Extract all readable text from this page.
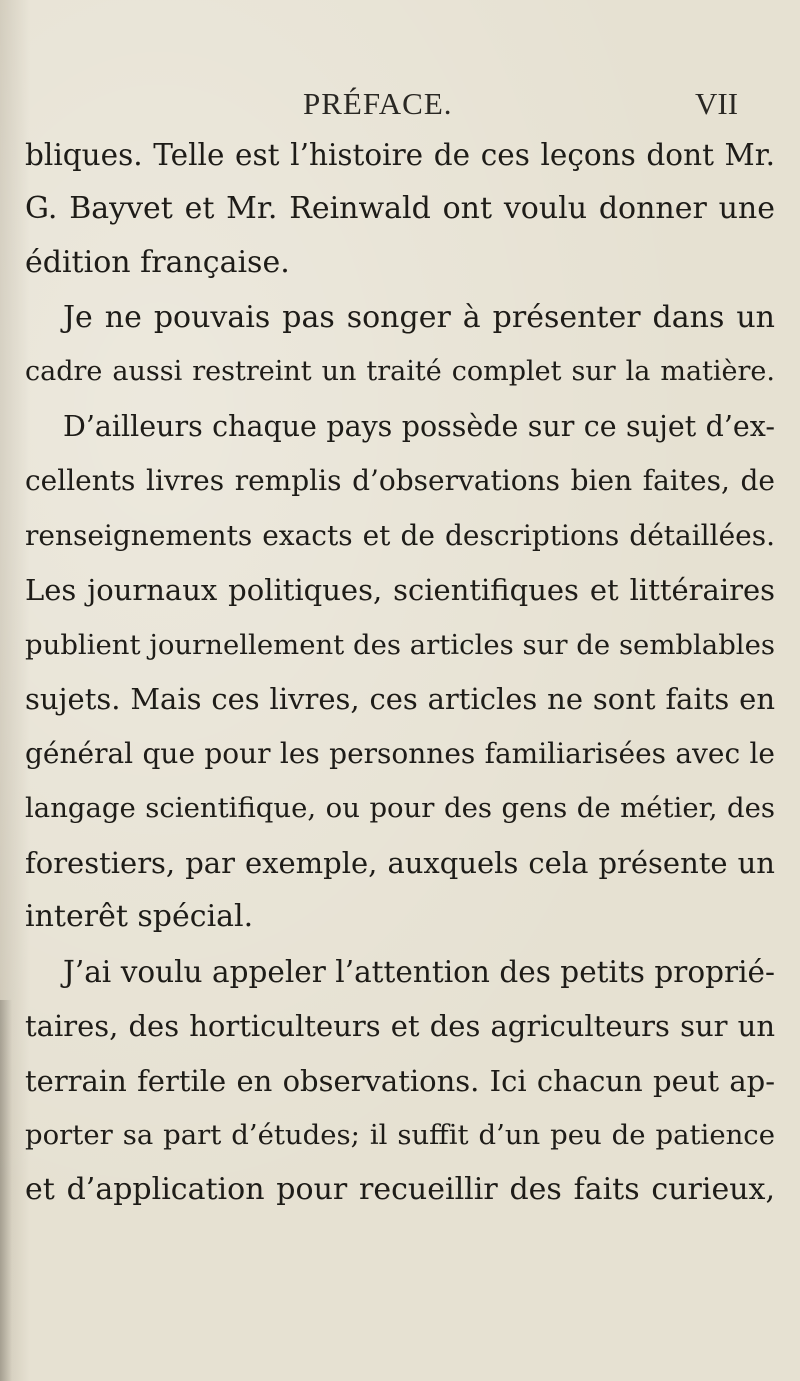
PRÉFACE.	VII
bliques. Telle est l’histoire de ces leçons dont Mr.
G. Bayvet et Mr. Reinwald ont voulu donner une
édition française.
Je ne pouvais pas songer à présenter dans un
cadre aussi restreint un traité complet sur la matière.
D’ailleurs chaque pays possède sur ce sujet d’ex-
cellents livres remplis d’observations bien faites, de
renseignements exacts et de descriptions détaillées.
Les journaux politiques, scientifiques et littéraires
publient journellement des articles sur de semblables
sujets. Mais ces livres, ces articles ne sont faits en
général que pour les personnes familiarisées avec le
langage scientifique, ou pour des gens de métier, des
forestiers, par exemple, auxquels cela présente un
interêt spécial.
J’ai voulu appeler l’attention des petits proprié-
taires, des horticulteurs et des agriculteurs sur un
terrain fertile en observations. Ici chacun peut ap-
porter sa part d’études; il suffit d’un peu de patience
et d’application pour recueillir des faits curieux,
